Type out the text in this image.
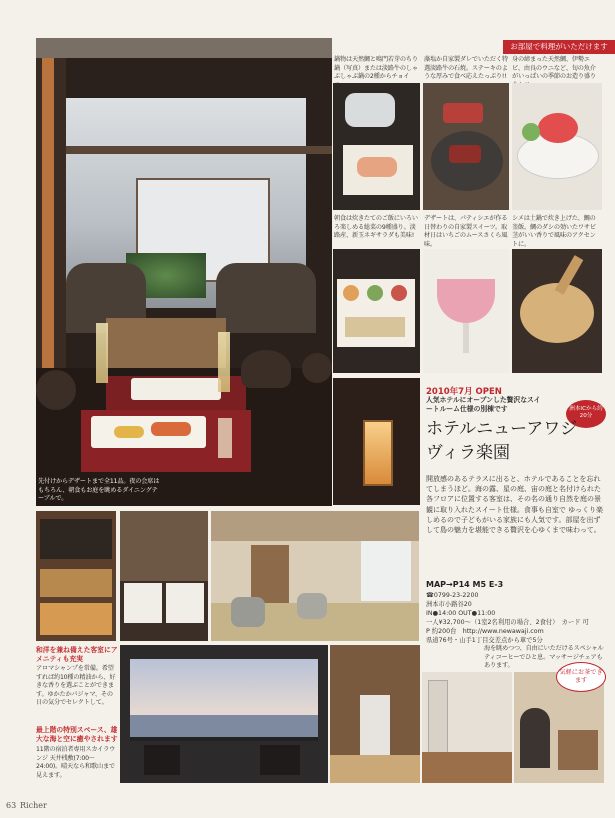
先付けからデザートまで全11品。夜の会席はもちろん、朝食もお庭を眺めるダイニングテーブルで。
お部屋で料理がいただけます
鍋物は天然鯛と鳴門若芽のちり鍋（写真）または淡路牛のしゃぶしゃぶ鍋の2種からチョイ
藻塩か自家製ダレでいただく特選淡路牛の石焼。ステーキのような厚みで食べ応えたっぷり!!
身の締まった天然鯛、伊勢エビ、由良のウニなど、旬の魚介がいっぱいの季節のお造り盛り
朝食は炊きたてのご飯にいろいろ楽しめる総菜の9種盛り。淡路産、新玉ネギサラダも美味!
デザートは、パティシエが作る日替わりの自家製スイーツ。取材日はいちごのムースさくら風味。
シメは土鍋で炊き上げた、鯛の釜飯。鯛のダシの効いたワサビ茎がいい香りで風味のアクセントに。
2010年7月 OPEN
人気ホテルにオープンした贅沢なスイートルーム仕様の別棟です	洲本ICから約20分
ホテルニューアワジ
ヴィラ楽園
開放感のあるテラスに出ると、ホテルであることを忘れてしまうほど。海の露、星の庭、宙の庭と名付けられた各フロアに位置する客室は、その名の通り自然を庭の景観に取り入れたスイート仕様。食事も自室で ゆっくり楽しめるので子どもがいる家族にも人気です。部屋を出ずして島の魅力を堪能できる贅沢を心ゆくまで味わって。
MAP→P14 M5 E-3
☎0799-23-2200
洲本市小路谷20
IN●14:00 OUT●11:00
一人¥32,700〜（1室2名利用の場合、2食付）　カード 可
P 約200台　http://www.newawaji.com
県道76号・山手1丁目交差点から車で5分
和洋を兼ね備えた客室にアメニティも充実
アロマシャンプを常備。希望すれば約10種の精油から、好きな香りを選ぶことができます。ゆかたかパジャマ、その日の気分でセレクトして。
最上階の特別スペース、雄大な海と空に癒やされます
11階の宿泊者専用スカイラウンジ 天井桟敷(7:00〜24:00)。晴天なら和歌山まで見えます。
海を眺めつつ、自由にいただけるスペシャルティコーヒーでひと息。マッサージチェアもあります。
気軽にお茶できます
63 Richer
